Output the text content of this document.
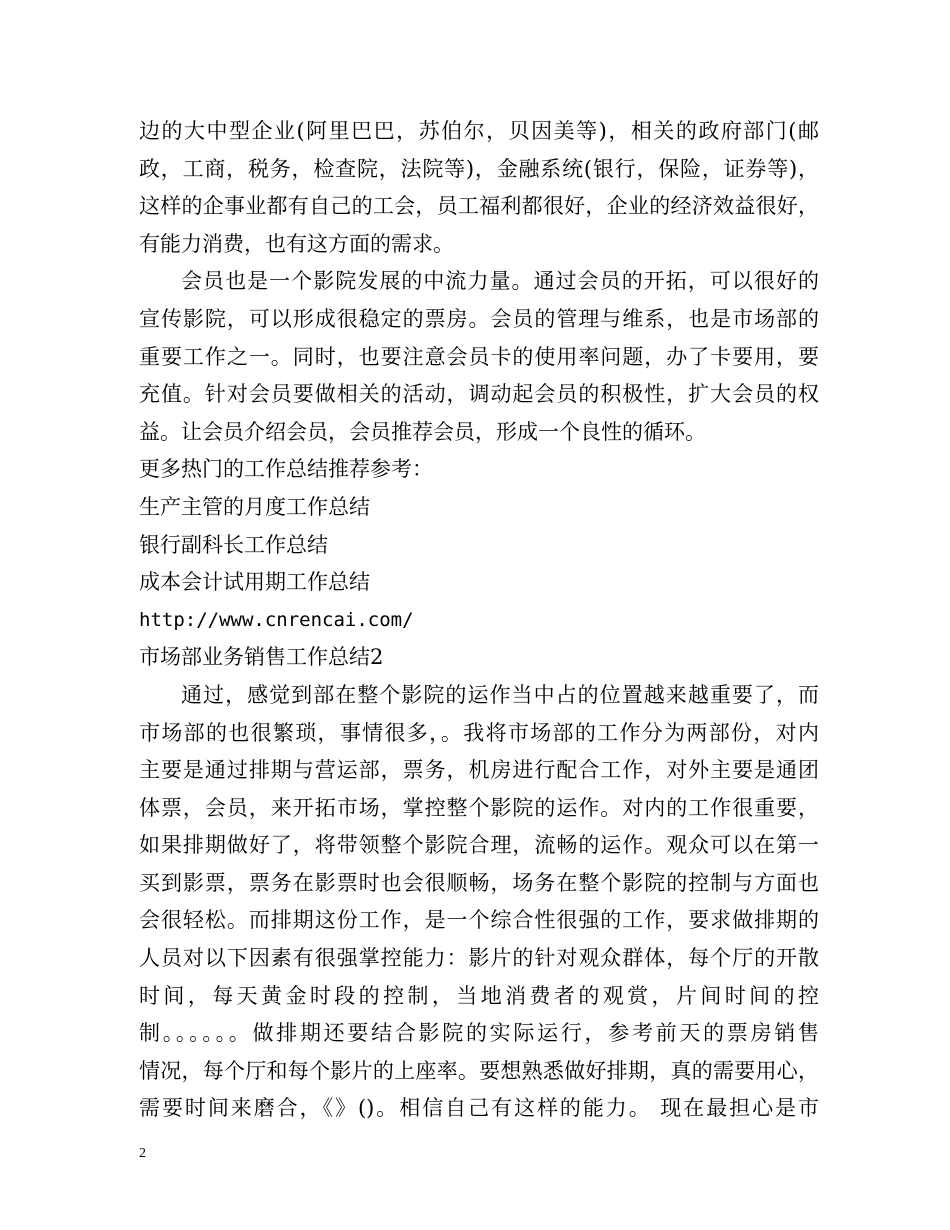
边的大中型企业(阿里巴巴，苏伯尔，贝因美等)，相关的政府部门(邮
政，工商，税务，检查院，法院等)，金融系统(银行，保险，证券等)，
这样的企事业都有自己的工会，员工福利都很好，企业的经济效益很好，
有能力消费，也有这方面的需求。
会员也是一个影院发展的中流力量。通过会员的开拓，可以很好的
宣传影院，可以形成很稳定的票房。会员的管理与维系，也是市场部的
重要工作之一。同时，也要注意会员卡的使用率问题，办了卡要用，要
充值。针对会员要做相关的活动，调动起会员的积极性，扩大会员的权
益。让会员介绍会员，会员推荐会员，形成一个良性的循环。
更多热门的工作总结推荐参考：
生产主管的月度工作总结
银行副科长工作总结
成本会计试用期工作总结
http://www.cnrencai.com/
市场部业务销售工作总结2
通过，感觉到部在整个影院的运作当中占的位置越来越重要了，而
市场部的也很繁琐，事情很多，。我将市场部的工作分为两部份，对内
主要是通过排期与营运部，票务，机房进行配合工作，对外主要是通团
体票，会员，来开拓市场，掌控整个影院的运作。对内的工作很重要，
如果排期做好了，将带领整个影院合理，流畅的运作。观众可以在第一
买到影票，票务在影票时也会很顺畅，场务在整个影院的控制与方面也
会很轻松。而排期这份工作，是一个综合性很强的工作，要求做排期的
人员对以下因素有很强掌控能力：影片的针对观众群体，每个厅的开散
时间，每天黄金时段的控制，当地消费者的观赏，片间时间的控
制。。。。。。做排期还要结合影院的实际运行，参考前天的票房销售
情况，每个厅和每个影片的上座率。要想熟悉做好排期，真的需要用心，
需要时间来磨合，《》()。相信自己有这样的能力。 现在最担心是市
2
